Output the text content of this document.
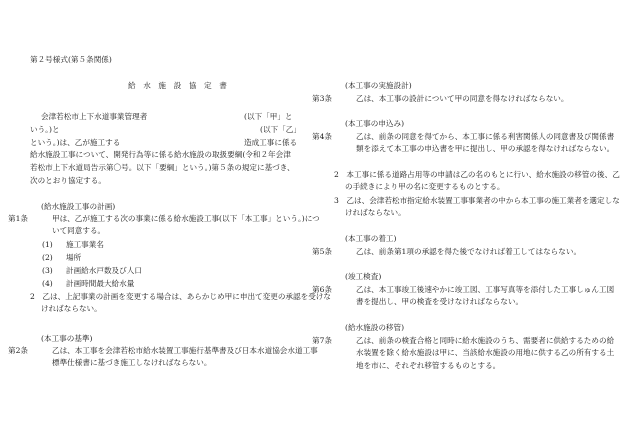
第２号様式(第５条関係)
給 水 施 設 協 定 書
会津若松市上下水道事業管理者	(以下「甲」と
いう。)と	(以下「乙」
という。)は、乙が施工する	造成工事に係る
給水施設工事について、開発行為等に係る給水施設の取扱要綱(令和２年会津
若松市上下水道局告示第〇号。以下「要綱」という。)第５条の規定に基づき、
次のとおり協定する。
(給水施設工事の計画)
第1条	甲は、乙が施工する次の事業に係る給水施設工事(以下「本工事」という。)について同意する。
(1) 施工事業名
(2) 場所
(3) 計画給水戸数及び人口
(4) 計画時間最大給水量
2　乙は、上記事業の計画を変更する場合は、あらかじめ甲に申出て変更の承認を受けなければならない。
(本工事の基準)
第2条	乙は、本工事を会津若松市給水装置工事施行基準書及び日本水道協会水道工事標準仕様書に基づき施工しなければならない。
(本工事の実施設計)
第3条	乙は、本工事の設計について甲の同意を得なければならない。
(本工事の申込み)
第4条	乙は、前条の同意を得てから、本工事に係る利害関係人の同意書及び関係書類を添えて本工事の申込書を甲に提出し、甲の承認を得なければならない。
2　本工事に係る道路占用等の申請は乙の名のもとに行い、給水施設の移管の後、乙の手続きにより甲の名に変更するものとする。
3　乙は、会津若松市指定給水装置工事事業者の中から本工事の施工業者を選定しなければならない。
(本工事の着工)
第5条	乙は、前条第1項の承認を得た後でなければ着工してはならない。
(竣工検査)
第6条	乙は、本工事竣工後速やかに竣工図、工事写真等を添付した工事しゅん工図書を提出し、甲の検査を受けなければならない。
(給水施設の移管)
第7条	乙は、前条の検査合格と同時に給水施設のうち、需要者に供給するための給水装置を除く給水施設は甲に、当該給水施設の用地に供する乙の所有する土地を市に、それぞれ移管するものとする。
